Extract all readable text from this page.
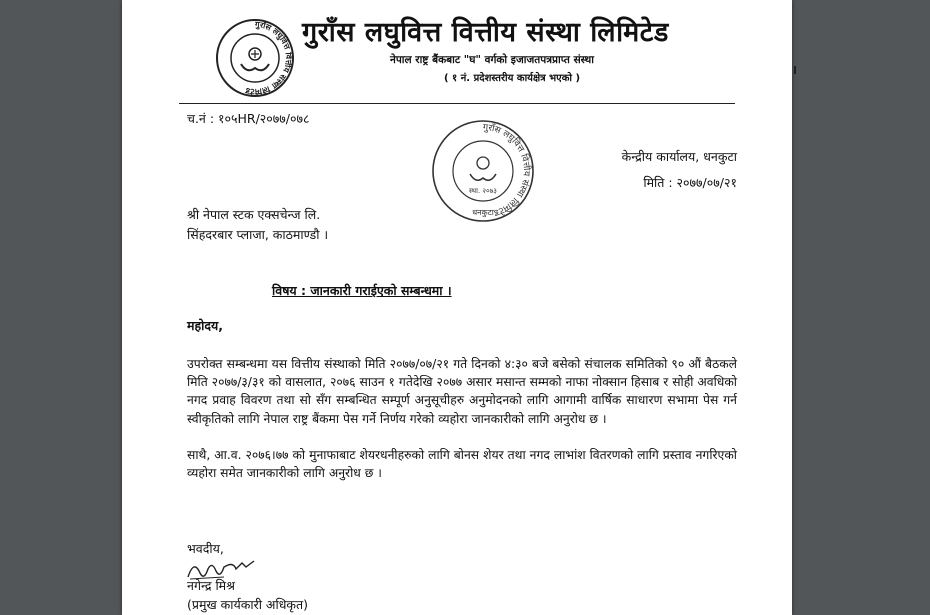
गुराँस लघुवित्त वित्तीय संस्था लिमिटेड
गुराँस लघुवित्त वित्तीय संस्था लिमिटेड
नेपाल राष्ट्र बैंकबाट "घ" वर्गको इजाजतपत्रप्राप्त संस्था
( १ नं. प्रदेशस्तरीय कार्यक्षेत्र भएको )
च.नं : १०५HR/२०७७/०७८
गुराँस लघुवित्त वित्तीय संस्था लिमिटेड
स्था. २०७३
धनकुटा
केन्द्रीय कार्यालय, धनकुटा
मिति : २०७७/०७/२१
श्री नेपाल स्टक एक्सचेन्ज लि.
सिंहदरबार प्लाजा, काठमाण्डौ ।
विषय : जानकारी गराईएको सम्बन्धमा ।
महोदय,
उपरोक्त सम्बन्धमा यस वित्तीय संस्थाको मिति २०७७/०७/२१ गते दिनको ४:३० बजे बसेको संचालक समितिको ९० औं बैठकले मिति २०७७/३/३१ को वासलात, २०७६ साउन १ गतेदेखि २०७७ असार मसान्त सम्मको नाफा नोक्सान हिसाब र सोही अवधिको नगद प्रवाह विवरण तथा सो सँग सम्बन्धित सम्पूर्ण अनुसूचीहरु अनुमोदनको लागि आगामी वार्षिक साधारण सभामा पेस गर्न स्वीकृतिको लागि नेपाल राष्ट्र बैंकमा पेस गर्ने निर्णय गरेको व्यहोरा जानकारीको लागि अनुरोध छ ।
साथै, आ.व. २०७६।७७ को मुनाफाबाट शेयरधनीहरुको लागि बोनस शेयर तथा नगद लाभांश वितरणको लागि प्रस्ताव नगरिएको व्यहोरा समेत जानकारीको लागि अनुरोध छ ।
भवदीय,
नगेन्द्र मिश्र
(प्रमुख कार्यकारी अधिकृत)
